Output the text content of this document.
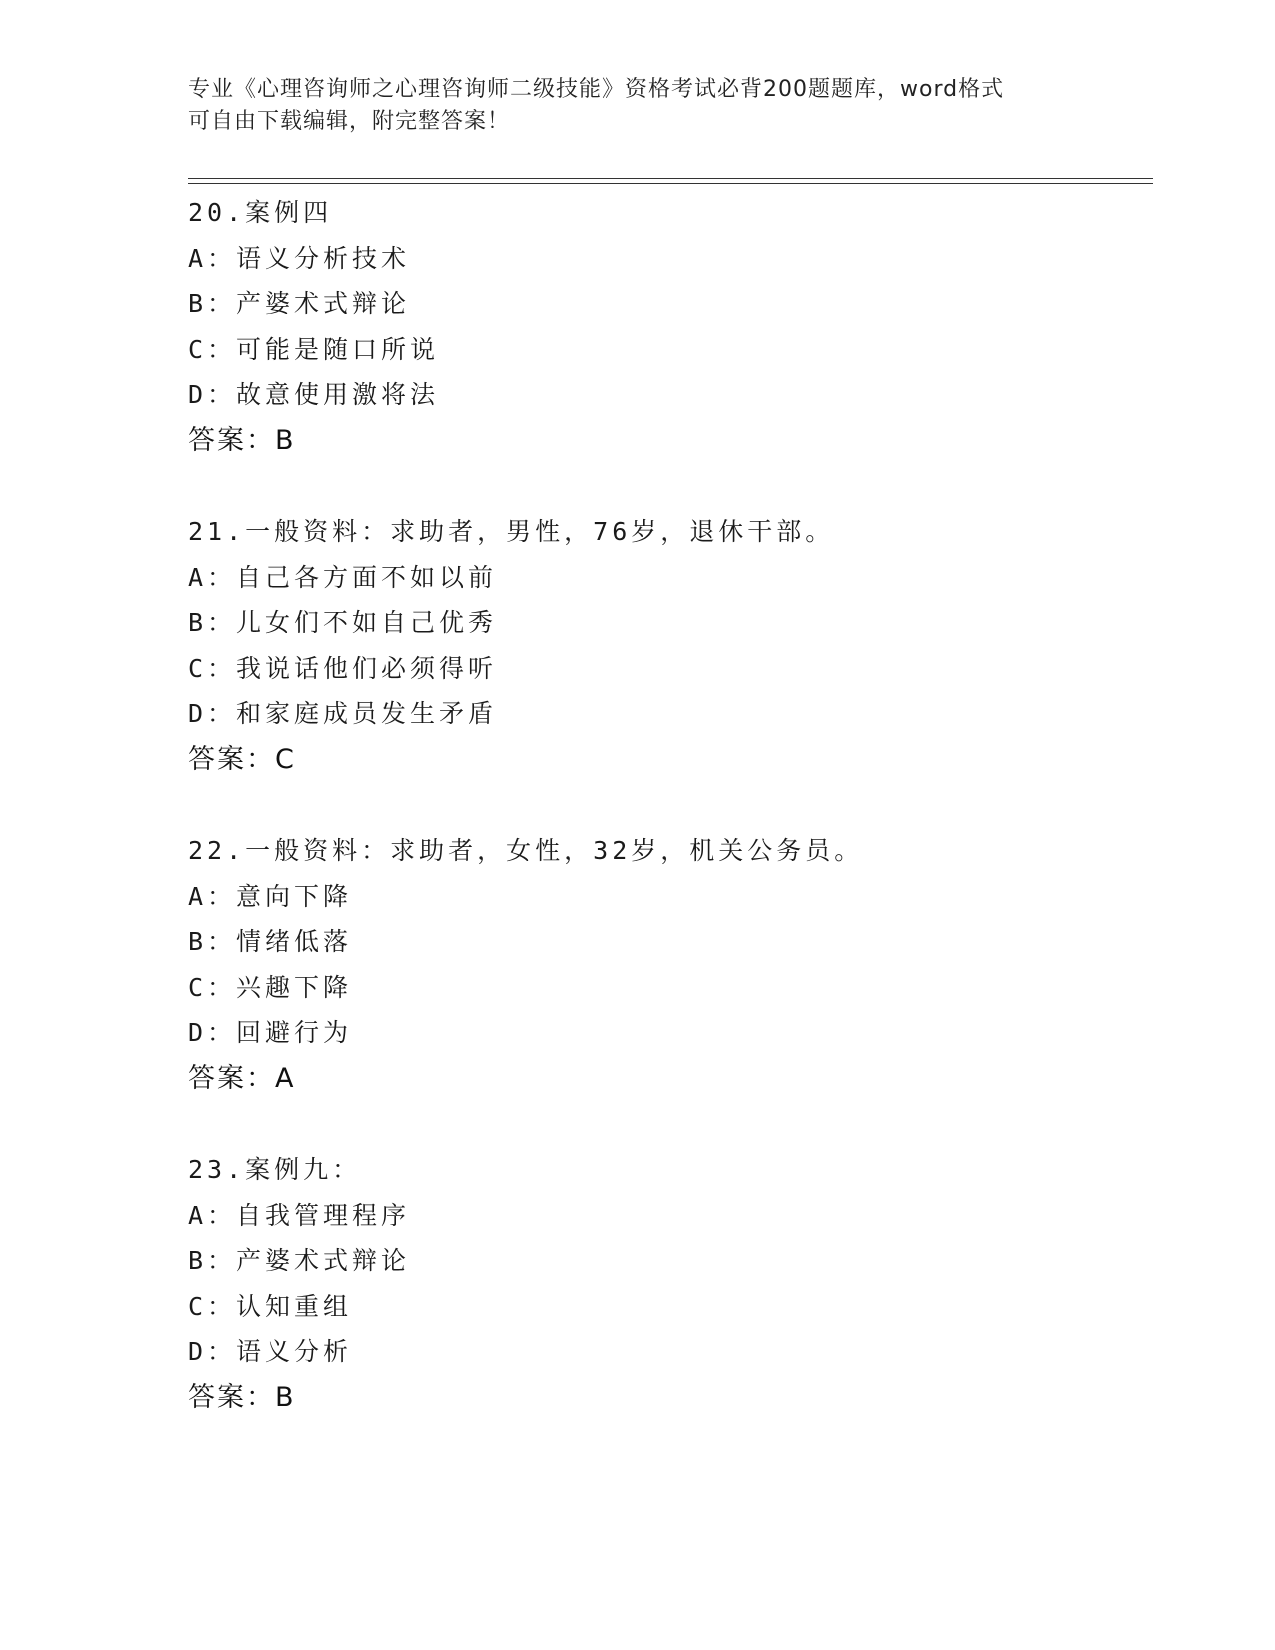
专业《心理咨询师之心理咨询师二级技能》资格考试必背200题题库，word格式
可自由下载编辑，附完整答案！
20.案例四
A：语义分析技术
B：产婆术式辩论
C：可能是随口所说
D：故意使用激将法
答案：B
21.一般资料：求助者，男性，76岁，退休干部。
A：自己各方面不如以前
B：儿女们不如自己优秀
C：我说话他们必须得听
D：和家庭成员发生矛盾
答案：C
22.一般资料：求助者，女性，32岁，机关公务员。
A：意向下降
B：情绪低落
C：兴趣下降
D：回避行为
答案：A
23.案例九：
A：自我管理程序
B：产婆术式辩论
C：认知重组
D：语义分析
答案：B
